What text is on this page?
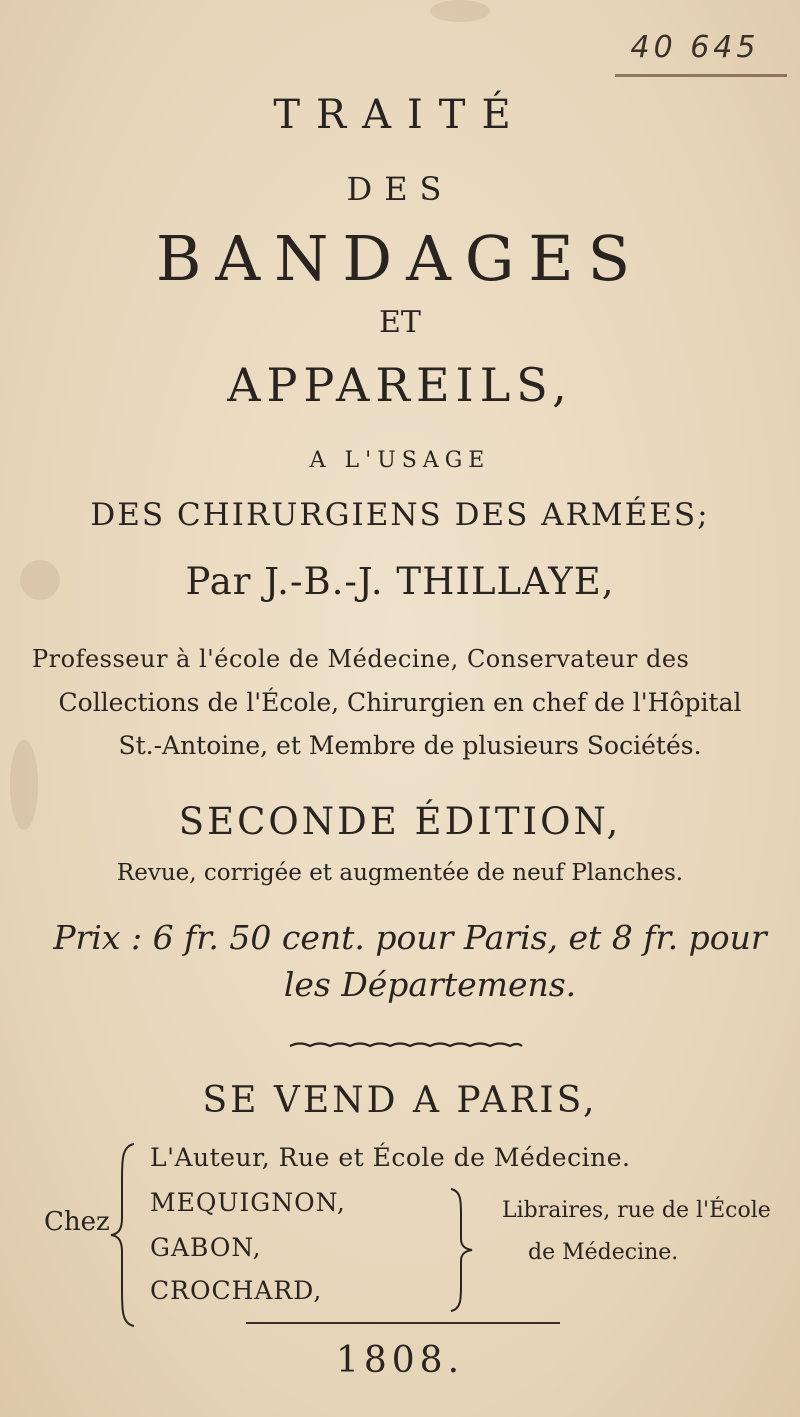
40 645
TRAITÉ
DES
BANDAGES
ET
APPAREILS,
A L'USAGE
DES CHIRURGIENS DES ARMÉES;
Par J.-B.-J. THILLAYE,
Professeur à l'école de Médecine, Conservateur des
Collections de l'École, Chirurgien en chef de l'Hôpital
St.-Antoine, et Membre de plusieurs Sociétés.
SECONDE ÉDITION,
Revue, corrigée et augmentée de neuf Planches.
Prix : 6 fr. 50 cent. pour Paris, et 8 fr. pour
les Départemens.
SE VEND A PARIS,
Chez
L'Auteur, Rue et École de Médecine.
MEQUIGNON,
GABON,
CROCHARD,
Libraires, rue de l'École
de Médecine.
1808.
